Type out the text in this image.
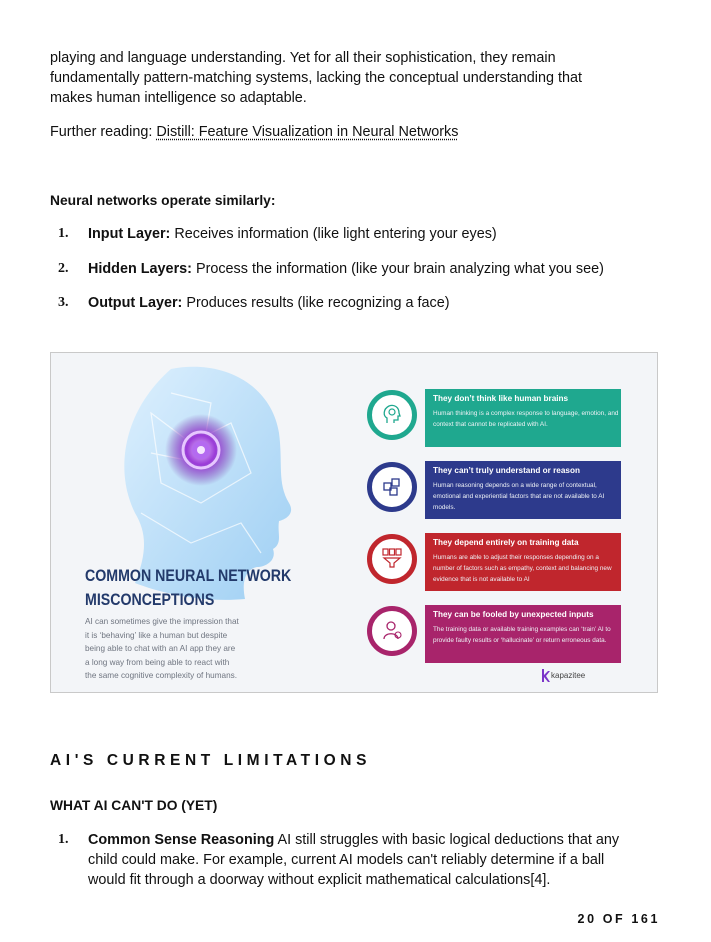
playing and language understanding. Yet for all their sophistication, they remain
fundamentally pattern-matching systems, lacking the conceptual understanding that
makes human intelligence so adaptable.

Further reading: Distill: Feature Visualization in Neural Networks

Neural networks operate similarly:

1. Input Layer: Receives information (like light entering your eyes)
2. Hidden Layers: Process the information (like your brain analyzing what you see)
3. Output Layer: Produces results (like recognizing a face)

COMMON NEURAL NETWORK
MISCONCEPTIONS

AI can sometimes give the impression that
it is ‘behaving’ like a human but despite
being able to chat with an AI app they are
a long way from being able to react with
the same cognitive complexity of humans.

They don’t think like human brains

Human thinking is a complex response to language, emotion, and context that cannot be replicated with AI.

They can’t truly understand or reason

Human reasoning depends on a wide range of contextual, emotional and experiential factors that are not available to AI models.

They depend entirely on training data

Humans are able to adjust their responses depending on a number of factors such as empathy, context and balancing new evidence that is not available to AI

They can be fooled by unexpected inputs

The training data or available training examples can ‘train’ AI to provide faulty results or ‘hallucinate’ or return erroneous data.

kapazitee
AI'S CURRENT LIMITATIONS

WHAT AI CAN'T DO (YET)

1. Common Sense Reasoning AI still struggles with basic logical deductions that any
child could make. For example, current AI models can't reliably determine if a ball
would fit through a doorway without explicit mathematical calculations[4].
20 OF 161
